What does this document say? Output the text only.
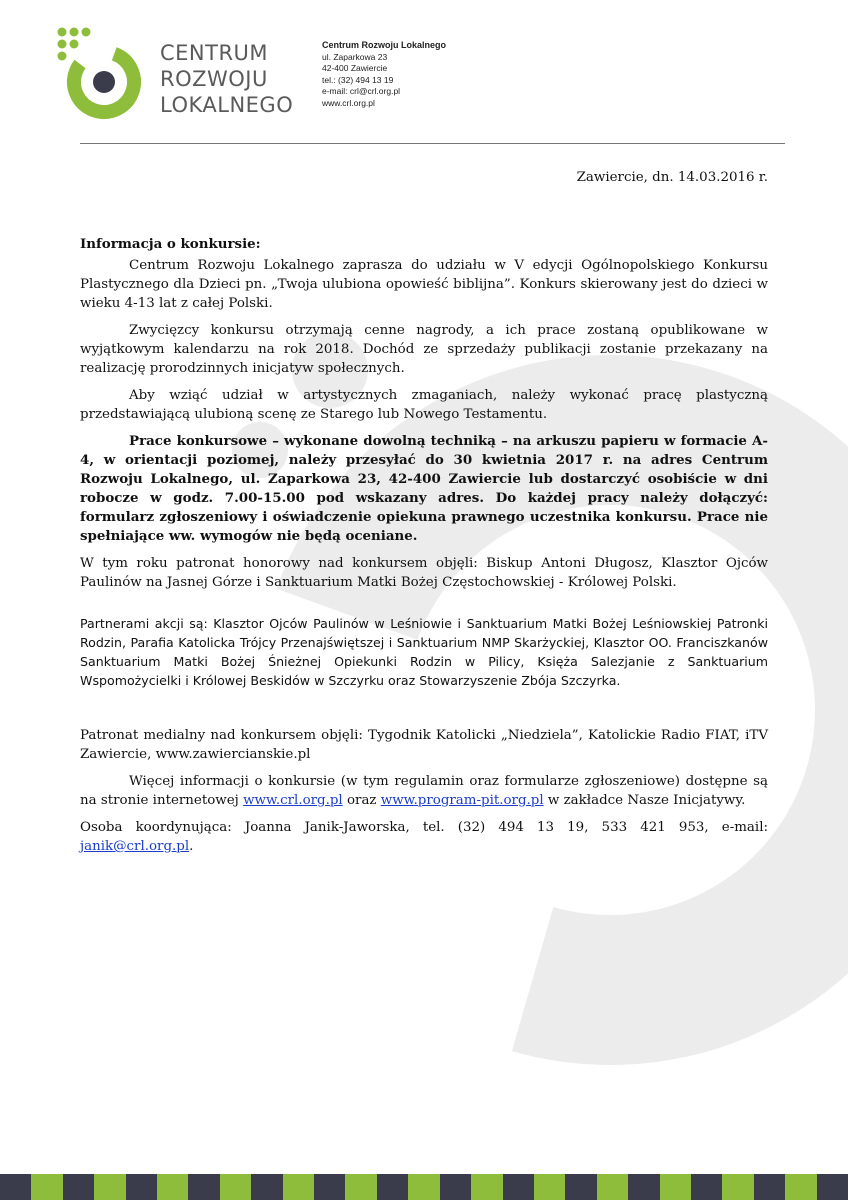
CENTRUM
ROZWOJU
LOKALNEGO
Centrum Rozwoju Lokalnego
ul. Zaparkowa 23
42-400 Zawiercie
tel.: (32) 494 13 19
e-mail: crl@crl.org.pl
www.crl.org.pl
Zawiercie, dn. 14.03.2016 r.
Informacja o konkursie:

Centrum Rozwoju Lokalnego zaprasza do udziału w V edycji Ogólnopolskiego Konkursu Plastycznego dla Dzieci pn. „Twoja ulubiona opowieść biblijna”. Konkurs skierowany jest do dzieci w wieku 4-13 lat z całej Polski.

Zwycięzcy konkursu otrzymają cenne nagrody, a ich prace zostaną opublikowane w wyjątkowym kalendarzu na rok 2018. Dochód ze sprzedaży publikacji zostanie przekazany na realizację prorodzinnych inicjatyw społecznych.

Aby wziąć udział w artystycznych zmaganiach, należy wykonać pracę plastyczną przedstawiającą ulubioną scenę ze Starego lub Nowego Testamentu.

Prace konkursowe – wykonane dowolną techniką – na arkuszu papieru w formacie A-4, w orientacji poziomej, należy przesyłać do 30 kwietnia 2017 r. na adres Centrum Rozwoju Lokalnego, ul. Zaparkowa 23, 42-400 Zawiercie lub dostarczyć osobiście w dni robocze w godz. 7.00-15.00 pod wskazany adres. Do każdej pracy należy dołączyć: formularz zgłoszeniowy i oświadczenie opiekuna prawnego uczestnika konkursu. Prace nie spełniające ww. wymogów nie będą oceniane.

W tym roku patronat honorowy nad konkursem objęli: Biskup Antoni Długosz, Klasztor Ojców Paulinów na Jasnej Górze i Sanktuarium Matki Bożej Częstochowskiej - Królowej Polski.

Partnerami akcji są: Klasztor Ojców Paulinów w Leśniowie i Sanktuarium Matki Bożej Leśniowskiej Patronki Rodzin, Parafia Katolicka Trójcy Przenajświętszej i Sanktuarium NMP Skarżyckiej, Klasztor OO. Franciszkanów Sanktuarium Matki Bożej Śnieżnej Opiekunki Rodzin w Pilicy, Księża Salezjanie z Sanktuarium Wspomożycielki i Królowej Beskidów w Szczyrku oraz Stowarzyszenie Zbója Szczyrka.

Patronat medialny nad konkursem objęli: Tygodnik Katolicki „Niedziela”, Katolickie Radio FIAT, iTV Zawiercie, www.zawiercianskie.pl

Więcej informacji o konkursie (w tym regulamin oraz formularze zgłoszeniowe) dostępne są na stronie internetowej www.crl.org.pl oraz www.program-pit.org.pl w zakładce Nasze Inicjatywy.

Osoba koordynująca: Joanna Janik-Jaworska, tel. (32) 494 13 19, 533 421 953, e-mail: janik@crl.org.pl.
